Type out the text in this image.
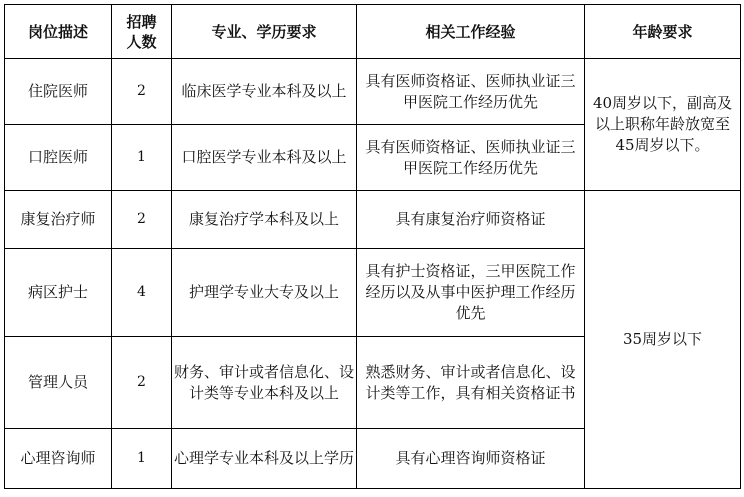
岗位描述	招聘人数	专业、学历要求	相关工作经验	年龄要求
住院医师	2	临床医学专业本科及以上	具有医师资格证、医师执业证三甲医院工作经历优先	40周岁以下，副高及以上职称年龄放宽至45周岁以下。
口腔医师	1	口腔医学专业本科及以上	具有医师资格证、医师执业证三甲医院工作经历优先	
康复治疗师	2	康复治疗学本科及以上	具有康复治疗师资格证	35周岁以下
病区护士	4	护理学专业大专及以上	具有护士资格证，三甲医院工作经历以及从事中医护理工作经历优先	
管理人员	2	财务、审计或者信息化、设计类等专业本科及以上	熟悉财务、审计或者信息化、设计类等工作，具有相关资格证书	
心理咨询师	1	心理学专业本科及以上学历	具有心理咨询师资格证	
